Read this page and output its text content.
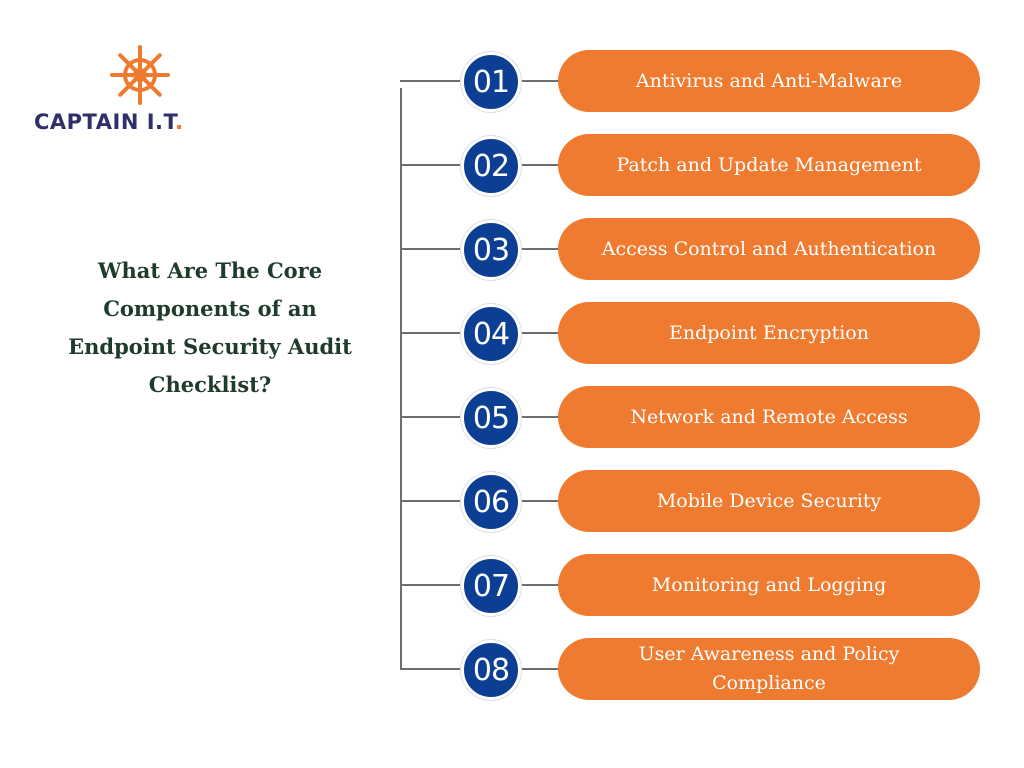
CAPTAIN I.T.
What Are The Core
Components of an
Endpoint Security Audit
Checklist?
01	Antivirus and Anti-Malware
02	Patch and Update Management
03	Access Control and Authentication
04	Endpoint Encryption
05	Network and Remote Access
06	Mobile Device Security
07	Monitoring and Logging
08	User Awareness and Policy Compliance
